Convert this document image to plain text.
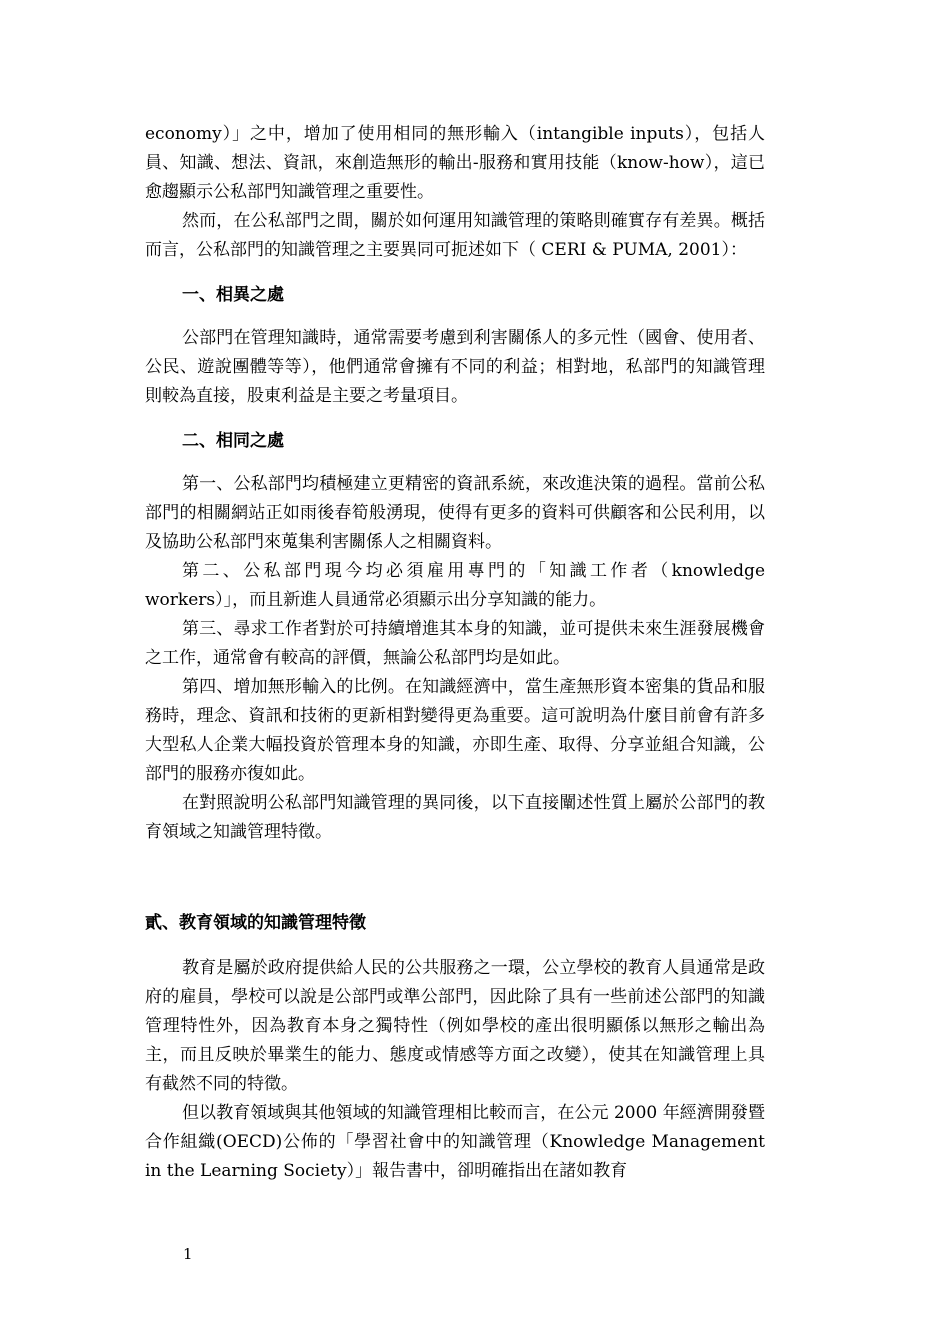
economy）」之中，增加了使用相同的無形輸入（intangible inputs），包括人員、知識、想法、資訊，來創造無形的輸出-服務和實用技能（know-how），這已愈趨顯示公私部門知識管理之重要性。

然而，在公私部門之間，關於如何運用知識管理的策略則確實存有差異。概括而言，公私部門的知識管理之主要異同可扼述如下（ CERI & PUMA, 2001）：

一、相異之處

公部門在管理知識時，通常需要考慮到利害關係人的多元性（國會、使用者、公民、遊說團體等等），他們通常會擁有不同的利益；相對地，私部門的知識管理則較為直接，股東利益是主要之考量項目。

二、相同之處

第一、公私部門均積極建立更精密的資訊系統，來改進決策的過程。當前公私部門的相關網站正如雨後春筍般湧現，使得有更多的資料可供顧客和公民利用，以及協助公私部門來蒐集利害關係人之相關資料。

第二、公私部門現今均必須雇用專門的「知識工作者（knowledge workers）」，而且新進人員通常必須顯示出分享知識的能力。

第三、尋求工作者對於可持續增進其本身的知識，並可提供未來生涯發展機會之工作，通常會有較高的評價，無論公私部門均是如此。

第四、增加無形輸入的比例。在知識經濟中，當生產無形資本密集的貨品和服務時，理念、資訊和技術的更新相對變得更為重要。這可說明為什麼目前會有許多大型私人企業大幅投資於管理本身的知識，亦即生產、取得、分享並組合知識，公部門的服務亦復如此。

在對照說明公私部門知識管理的異同後，以下直接闡述性質上屬於公部門的教育領域之知識管理特徵。

貳、教育領域的知識管理特徵

教育是屬於政府提供給人民的公共服務之一環，公立學校的教育人員通常是政府的雇員，學校可以說是公部門或準公部門，因此除了具有一些前述公部門的知識管理特性外，因為教育本身之獨特性（例如學校的產出很明顯係以無形之輸出為主，而且反映於畢業生的能力、態度或情感等方面之改變），使其在知識管理上具有截然不同的特徵。

但以教育領域與其他領域的知識管理相比較而言，在公元 2000 年經濟開發暨合作組織(OECD)公佈的「學習社會中的知識管理（Knowledge Management in the Learning Society）」報告書中，卻明確指出在諸如教育

1
